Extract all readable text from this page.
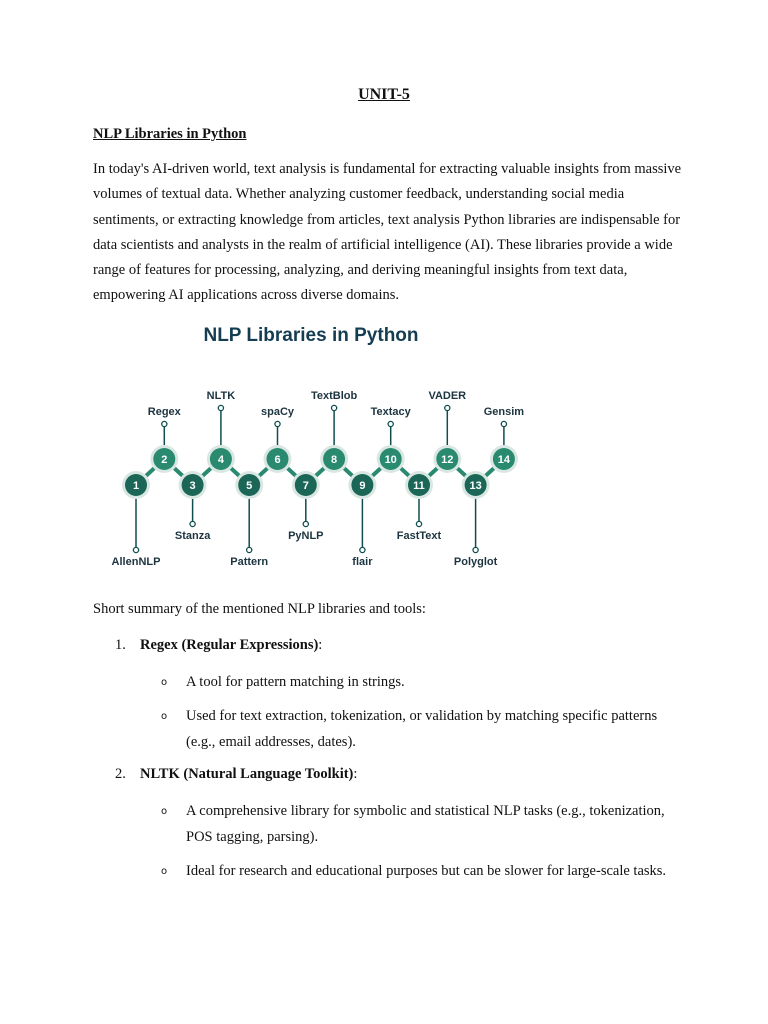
UNIT-5
NLP Libraries in Python

In today's AI-driven world, text analysis is fundamental for extracting valuable insights from massive volumes of textual data. Whether analyzing customer feedback, understanding social media sentiments, or extracting knowledge from articles, text analysis Python libraries are indispensable for data scientists and analysts in the realm of artificial intelligence (AI). These libraries provide a wide range of features for processing, analyzing, and deriving meaningful insights from text data, empowering AI applications across diverse domains.

NLP Libraries in Python
1
AllenNLP
2
Regex
3
Stanza
4
NLTK
5
Pattern
6
spaCy
7
PyNLP
8
TextBlob
9
flair
10
Textacy
11
FastText
12
VADER
13
Polyglot
14
Gensim
Short summary of the mentioned NLP libraries and tools:
1. Regex (Regular Expressions):
o A tool for pattern matching in strings.
o Used for text extraction, tokenization, or validation by matching specific patterns (e.g., email addresses, dates).
2. NLTK (Natural Language Toolkit):
o A comprehensive library for symbolic and statistical NLP tasks (e.g., tokenization, POS tagging, parsing).
o Ideal for research and educational purposes but can be slower for large-scale tasks.
